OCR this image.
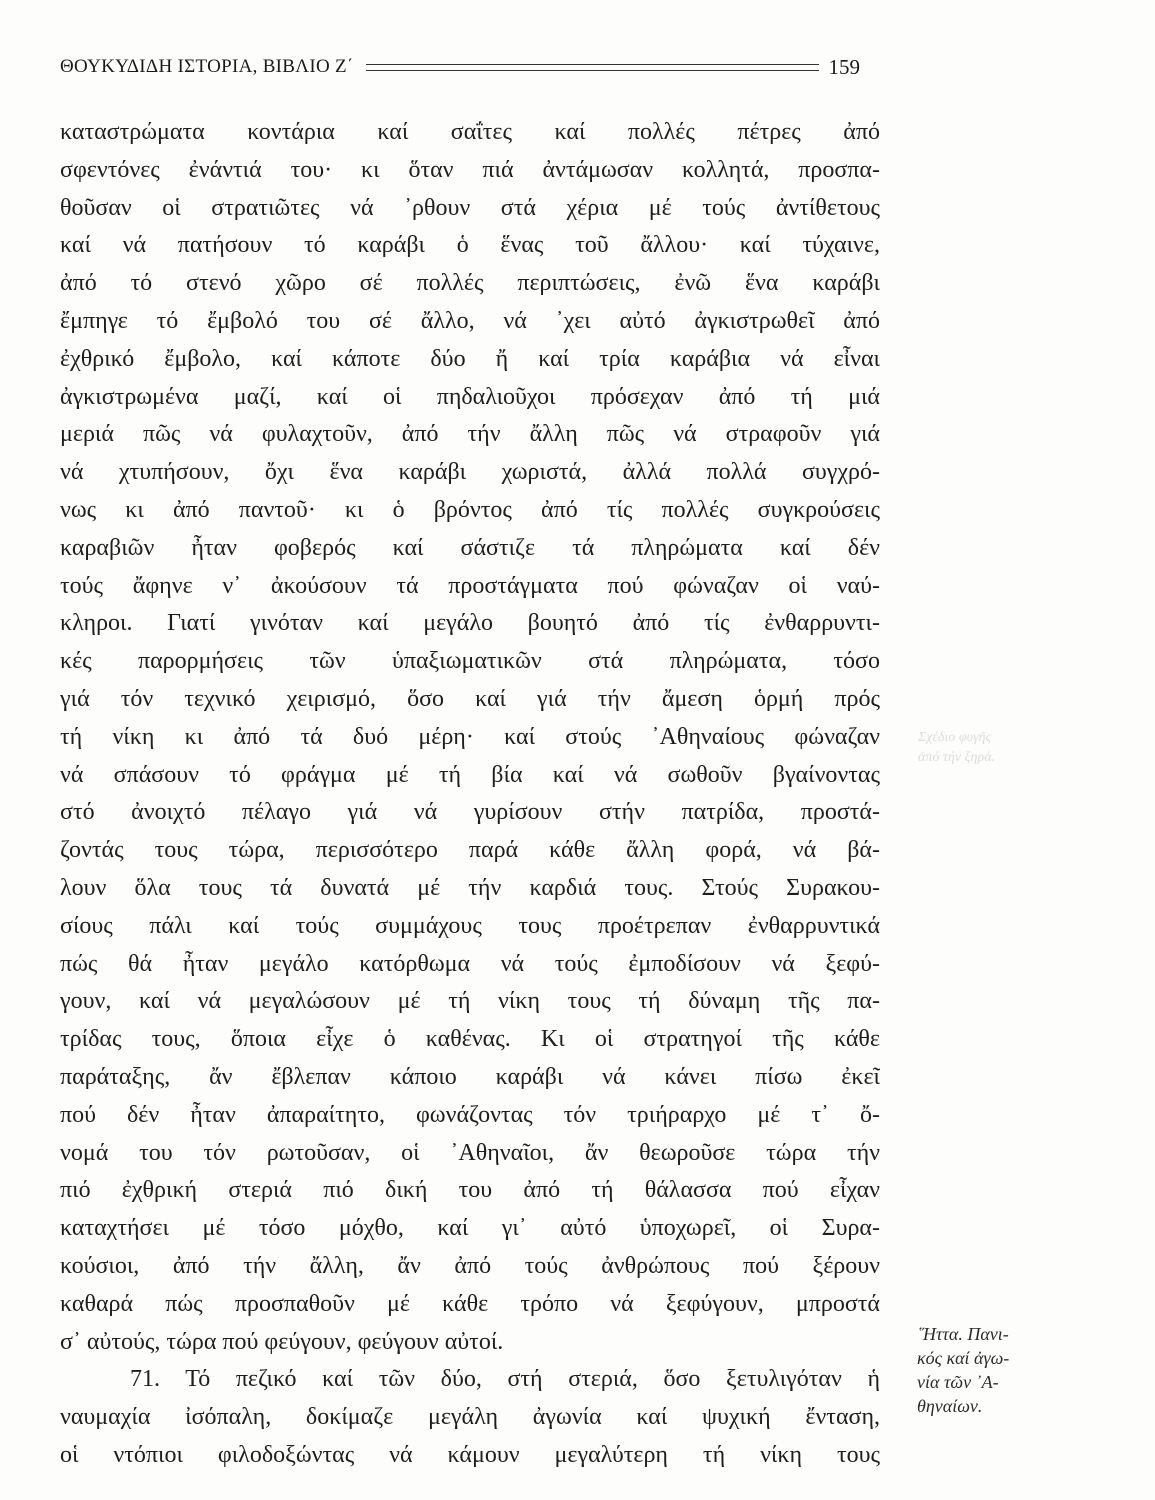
ΘΟΥΚΥΔΙΔΗ ΙΣΤΟΡΙΑ, ΒΙΒΛΙΟ Ζ΄	159
καταστρώματα κοντάρια καί σαΐτες καί πολλές πέτρες ἀπό
σφεντόνες ἐνάντιά του· κι ὅταν πιά ἀντάμωσαν κολλητά, προσπα-
θοῦσαν οἱ στρατιῶτες νά ᾿ρθουν στά χέρια μέ τούς ἀντίθετους
καί νά πατήσουν τό καράβι ὁ ἕνας τοῦ ἄλλου· καί τύχαινε,
ἀπό τό στενό χῶρο σέ πολλές περιπτώσεις, ἐνῶ ἕνα καράβι
ἔμπηγε τό ἔμβολό του σέ ἄλλο, νά ᾿χει αὐτό ἀγκιστρωθεῖ ἀπό
ἐχθρικό ἔμβολο, καί κάποτε δύο ἤ καί τρία καράβια νά εἶναι
ἀγκιστρωμένα μαζί, καί οἱ πηδαλιοῦχοι πρόσεχαν ἀπό τή μιά
μεριά πῶς νά φυλαχτοῦν, ἀπό τήν ἄλλη πῶς νά στραφοῦν γιά
νά χτυπήσουν, ὄχι ἕνα καράβι χωριστά, ἀλλά πολλά συγχρό-
νως κι ἀπό παντοῦ· κι ὁ βρόντος ἀπό τίς πολλές συγκρούσεις
καραβιῶν ἦταν φοβερός καί σάστιζε τά πληρώματα καί δέν
τούς ἄφηνε ν᾿ ἀκούσουν τά προστάγματα πού φώναζαν οἱ ναύ-
κληροι. Γιατί γινόταν καί μεγάλο βουητό ἀπό τίς ἐνθαρρυντι-
κές παρορμήσεις τῶν ὑπαξιωματικῶν στά πληρώματα, τόσο
γιά τόν τεχνικό χειρισμό, ὅσο καί γιά τήν ἄμεση ὁρμή πρός
τή νίκη κι ἀπό τά δυό μέρη· καί στούς ᾿Αθηναίους φώναζαν
νά σπάσουν τό φράγμα μέ τή βία καί νά σωθοῦν βγαίνοντας
στό ἀνοιχτό πέλαγο γιά νά γυρίσουν στήν πατρίδα, προστά-
ζοντάς τους τώρα, περισσότερο παρά κάθε ἄλλη φορά, νά βά-
λουν ὅλα τους τά δυνατά μέ τήν καρδιά τους. Στούς Συρακου-
σίους πάλι καί τούς συμμάχους τους προέτρεπαν ἐνθαρρυντικά
πώς θά ἦταν μεγάλο κατόρθωμα νά τούς ἐμποδίσουν νά ξεφύ-
γουν, καί νά μεγαλώσουν μέ τή νίκη τους τή δύναμη τῆς πα-
τρίδας τους, ὅποια εἶχε ὁ καθένας. Κι οἱ στρατηγοί τῆς κάθε
παράταξης, ἄν ἔβλεπαν κάποιο καράβι νά κάνει πίσω ἐκεῖ
πού δέν ἦταν ἀπαραίτητο, φωνάζοντας τόν τριήραρχο μέ τ᾿ ὄ-
νομά του τόν ρωτοῦσαν, οἱ ᾿Αθηναῖοι, ἄν θεωροῦσε τώρα τήν
πιό ἐχθρική στεριά πιό δική του ἀπό τή θάλασσα πού εἶχαν
καταχτήσει μέ τόσο μόχθο, καί γι᾿ αὐτό ὑποχωρεῖ, οἱ Συρα-
κούσιοι, ἀπό τήν ἄλλη, ἄν ἀπό τούς ἀνθρώπους πού ξέρουν
καθαρά πώς προσπαθοῦν μέ κάθε τρόπο νά ξεφύγουν, μπροστά
σ᾿ αὐτούς, τώρα πού φεύγουν, φεύγουν αὐτοί.
71. Τό πεζικό καί τῶν δύο, στή στεριά, ὅσο ξετυλιγόταν ἡ
ναυμαχία ἰσόπαλη, δοκίμαζε μεγάλη ἀγωνία καί ψυχική ἔνταση,
οἱ ντόπιοι φιλοδοξώντας νά κάμουν μεγαλύτερη τή νίκη τους
῞Ηττα. Πανι-
κός καί ἀγω-
νία τῶν ᾿Α-
θηναίων.
Σχέδιο φυγῆς
ἀπό τήν ξηρά.
